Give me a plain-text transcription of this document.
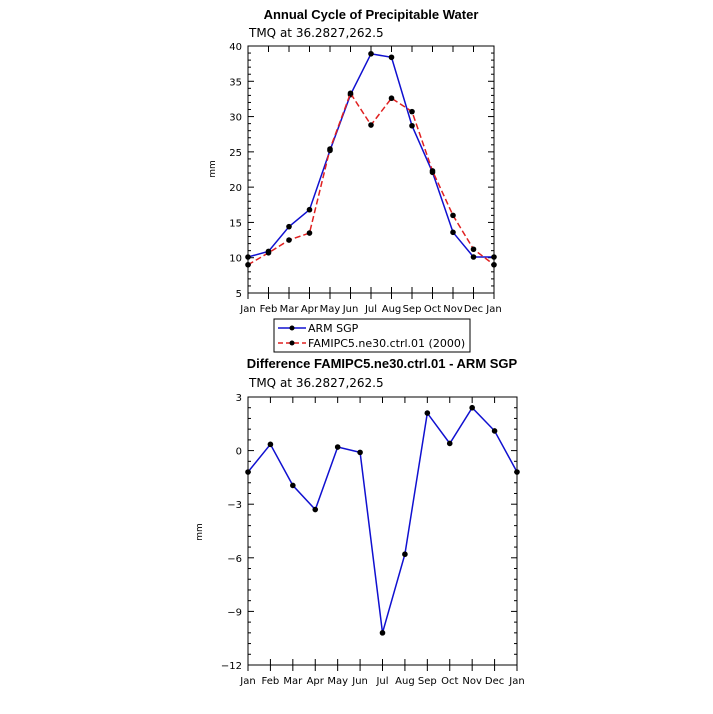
Annual Cycle of Precipitable Water
TMQ at 36.2827,262.5
mm
5
10
15
20
25
30
35
40
Jan Feb Mar Apr May Jun Jul Aug Sep Oct Nov Dec Jan
ARM SGP
FAMIPC5.ne30.ctrl.01 (2000)
Difference FAMIPC5.ne30.ctrl.01 - ARM SGP
TMQ at 36.2827,262.5
mm
3
0
−3
−6
−9
−12
Jan Feb Mar Apr May Jun Jul Aug Sep Oct Nov Dec Jan
